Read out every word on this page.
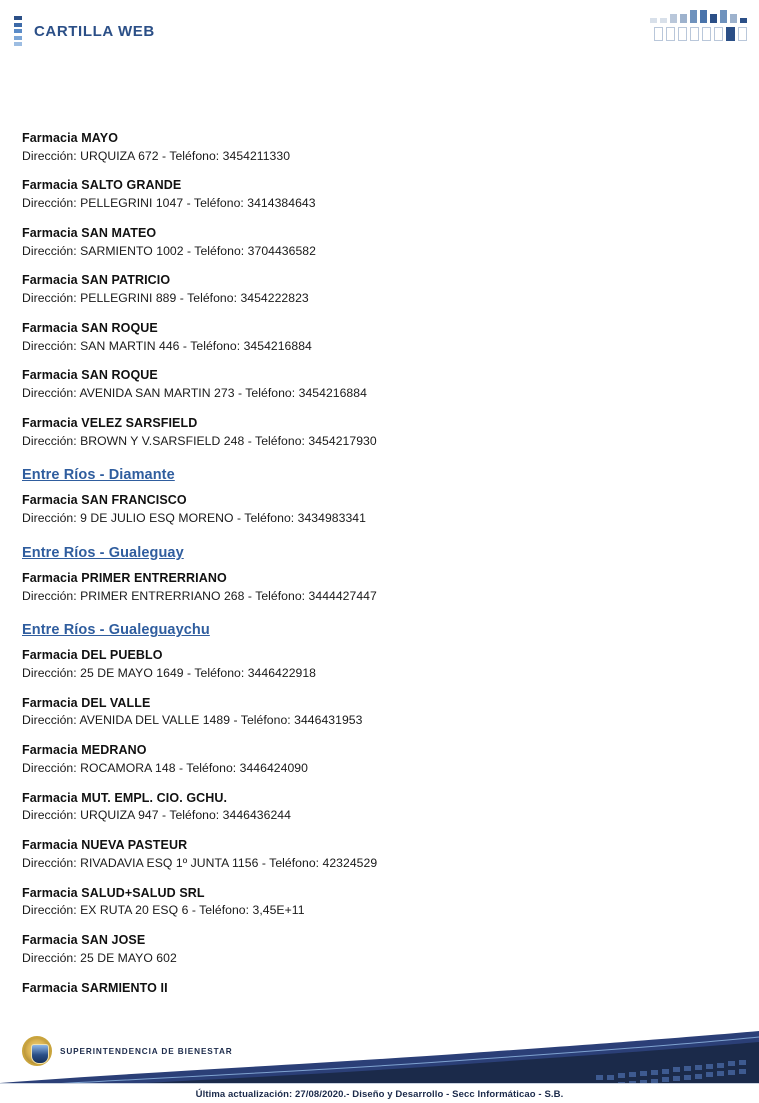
CARTILLA WEB
Farmacia MAYO
Dirección: URQUIZA 672 - Teléfono: 3454211330
Farmacia SALTO GRANDE
Dirección: PELLEGRINI 1047 - Teléfono: 3414384643
Farmacia SAN MATEO
Dirección: SARMIENTO 1002 - Teléfono: 3704436582
Farmacia SAN PATRICIO
Dirección: PELLEGRINI 889 - Teléfono: 3454222823
Farmacia SAN ROQUE
Dirección: SAN MARTIN 446 - Teléfono: 3454216884
Farmacia SAN ROQUE
Dirección: AVENIDA SAN MARTIN 273 - Teléfono: 3454216884
Farmacia VELEZ SARSFIELD
Dirección: BROWN Y V.SARSFIELD 248 - Teléfono: 3454217930
Entre Ríos - Diamante
Farmacia SAN FRANCISCO
Dirección: 9 DE JULIO ESQ MORENO - Teléfono: 3434983341
Entre Ríos - Gualeguay
Farmacia PRIMER ENTRERRIANO
Dirección: PRIMER ENTRERRIANO 268 - Teléfono: 3444427447
Entre Ríos - Gualeguaychu
Farmacia DEL PUEBLO
Dirección: 25 DE MAYO 1649 - Teléfono: 3446422918
Farmacia DEL VALLE
Dirección: AVENIDA DEL VALLE 1489 - Teléfono: 3446431953
Farmacia MEDRANO
Dirección: ROCAMORA 148 - Teléfono: 3446424090
Farmacia MUT. EMPL. CIO. GCHU.
Dirección: URQUIZA 947 - Teléfono: 3446436244
Farmacia NUEVA PASTEUR
Dirección: RIVADAVIA ESQ 1º JUNTA 1156 - Teléfono: 42324529
Farmacia SALUD+SALUD SRL
Dirección: EX RUTA 20 ESQ 6 - Teléfono: 3,45E+11
Farmacia SAN JOSE
Dirección: 25 DE MAYO 602
Farmacia SARMIENTO II
SUPERINTENDENCIA DE BIENESTAR
Última actualización: 27/08/2020.- Diseño y Desarrollo - Secc Informáticao - S.B.
